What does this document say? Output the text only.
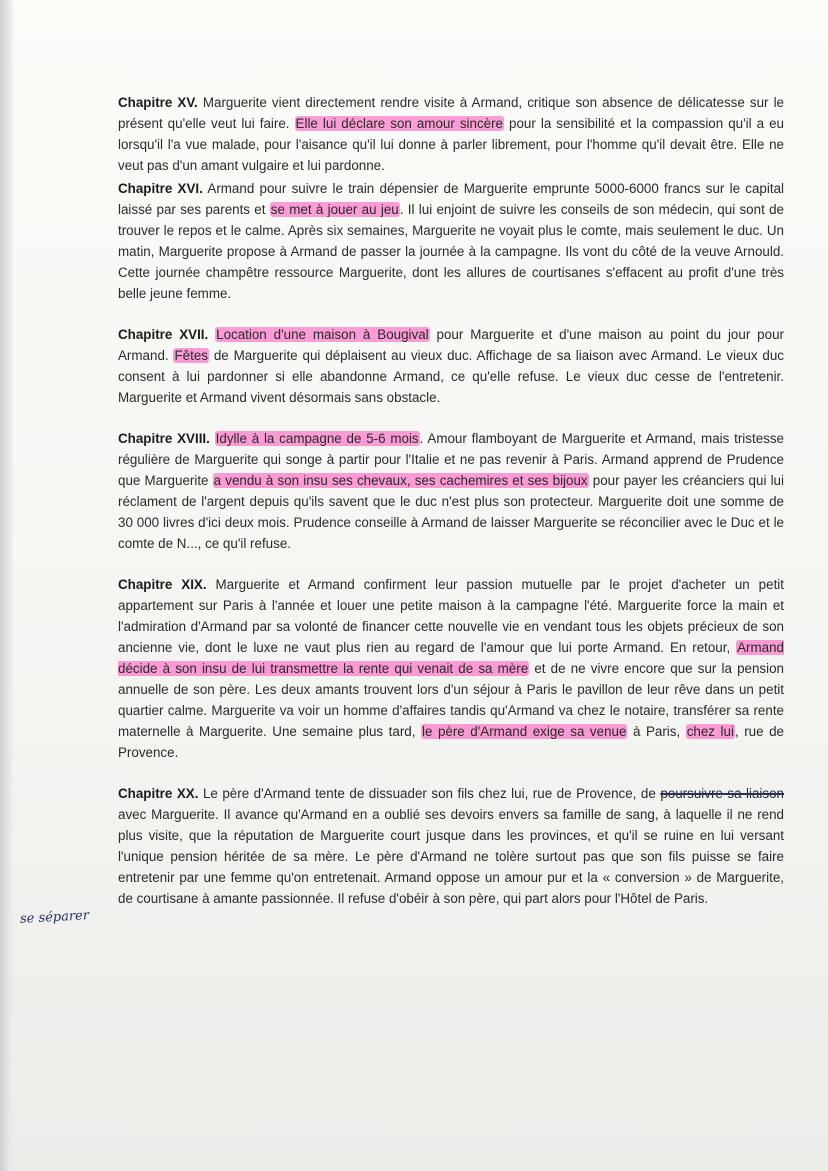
se séparer

Chapitre XV. Marguerite vient directement rendre visite à Armand, critique son absence de délicatesse sur le présent qu'elle veut lui faire. Elle lui déclare son amour sincère pour la sensibilité et la compassion qu'il a eu lorsqu'il l'a vue malade, pour l'aisance qu'il lui donne à parler librement, pour l'homme qu'il devait être. Elle ne veut pas d'un amant vulgaire et lui pardonne.

Chapitre XVI. Armand pour suivre le train dépensier de Marguerite emprunte 5000-6000 francs sur le capital laissé par ses parents et se met à jouer au jeu. Il lui enjoint de suivre les conseils de son médecin, qui sont de trouver le repos et le calme. Après six semaines, Marguerite ne voyait plus le comte, mais seulement le duc. Un matin, Marguerite propose à Armand de passer la journée à la campagne. Ils vont du côté de la veuve Arnould. Cette journée champêtre ressource Marguerite, dont les allures de courtisanes s'effacent au profit d'une très belle jeune femme.

Chapitre XVII. Location d'une maison à Bougival pour Marguerite et d'une maison au point du jour pour Armand. Fêtes de Marguerite qui déplaisent au vieux duc. Affichage de sa liaison avec Armand. Le vieux duc consent à lui pardonner si elle abandonne Armand, ce qu'elle refuse. Le vieux duc cesse de l'entretenir. Marguerite et Armand vivent désormais sans obstacle.

Chapitre XVIII. Idylle à la campagne de 5-6 mois. Amour flamboyant de Marguerite et Armand, mais tristesse régulière de Marguerite qui songe à partir pour l'Italie et ne pas revenir à Paris. Armand apprend de Prudence que Marguerite a vendu à son insu ses chevaux, ses cachemires et ses bijoux pour payer les créanciers qui lui réclament de l'argent depuis qu'ils savent que le duc n'est plus son protecteur. Marguerite doit une somme de 30 000 livres d'ici deux mois. Prudence conseille à Armand de laisser Marguerite se réconcilier avec le Duc et le comte de N..., ce qu'il refuse.

Chapitre XIX. Marguerite et Armand confirment leur passion mutuelle par le projet d'acheter un petit appartement sur Paris à l'année et louer une petite maison à la campagne l'été. Marguerite force la main et l'admiration d'Armand par sa volonté de financer cette nouvelle vie en vendant tous les objets précieux de son ancienne vie, dont le luxe ne vaut plus rien au regard de l'amour que lui porte Armand. En retour, Armand décide à son insu de lui transmettre la rente qui venait de sa mère et de ne vivre encore que sur la pension annuelle de son père. Les deux amants trouvent lors d'un séjour à Paris le pavillon de leur rêve dans un petit quartier calme. Marguerite va voir un homme d'affaires tandis qu'Armand va chez le notaire, transférer sa rente maternelle à Marguerite. Une semaine plus tard, le père d'Armand exige sa venue à Paris, chez lui, rue de Provence.

Chapitre XX. Le père d'Armand tente de dissuader son fils chez lui, rue de Provence, de poursuivre sa liaison avec Marguerite. Il avance qu'Armand en a oublié ses devoirs envers sa famille de sang, à laquelle il ne rend plus visite, que la réputation de Marguerite court jusque dans les provinces, et qu'il se ruine en lui versant l'unique pension héritée de sa mère. Le père d'Armand ne tolère surtout pas que son fils puisse se faire entretenir par une femme qu'on entretenait. Armand oppose un amour pur et la « conversion » de Marguerite, de courtisane à amante passionnée. Il refuse d'obéir à son père, qui part alors pour l'Hôtel de Paris.
